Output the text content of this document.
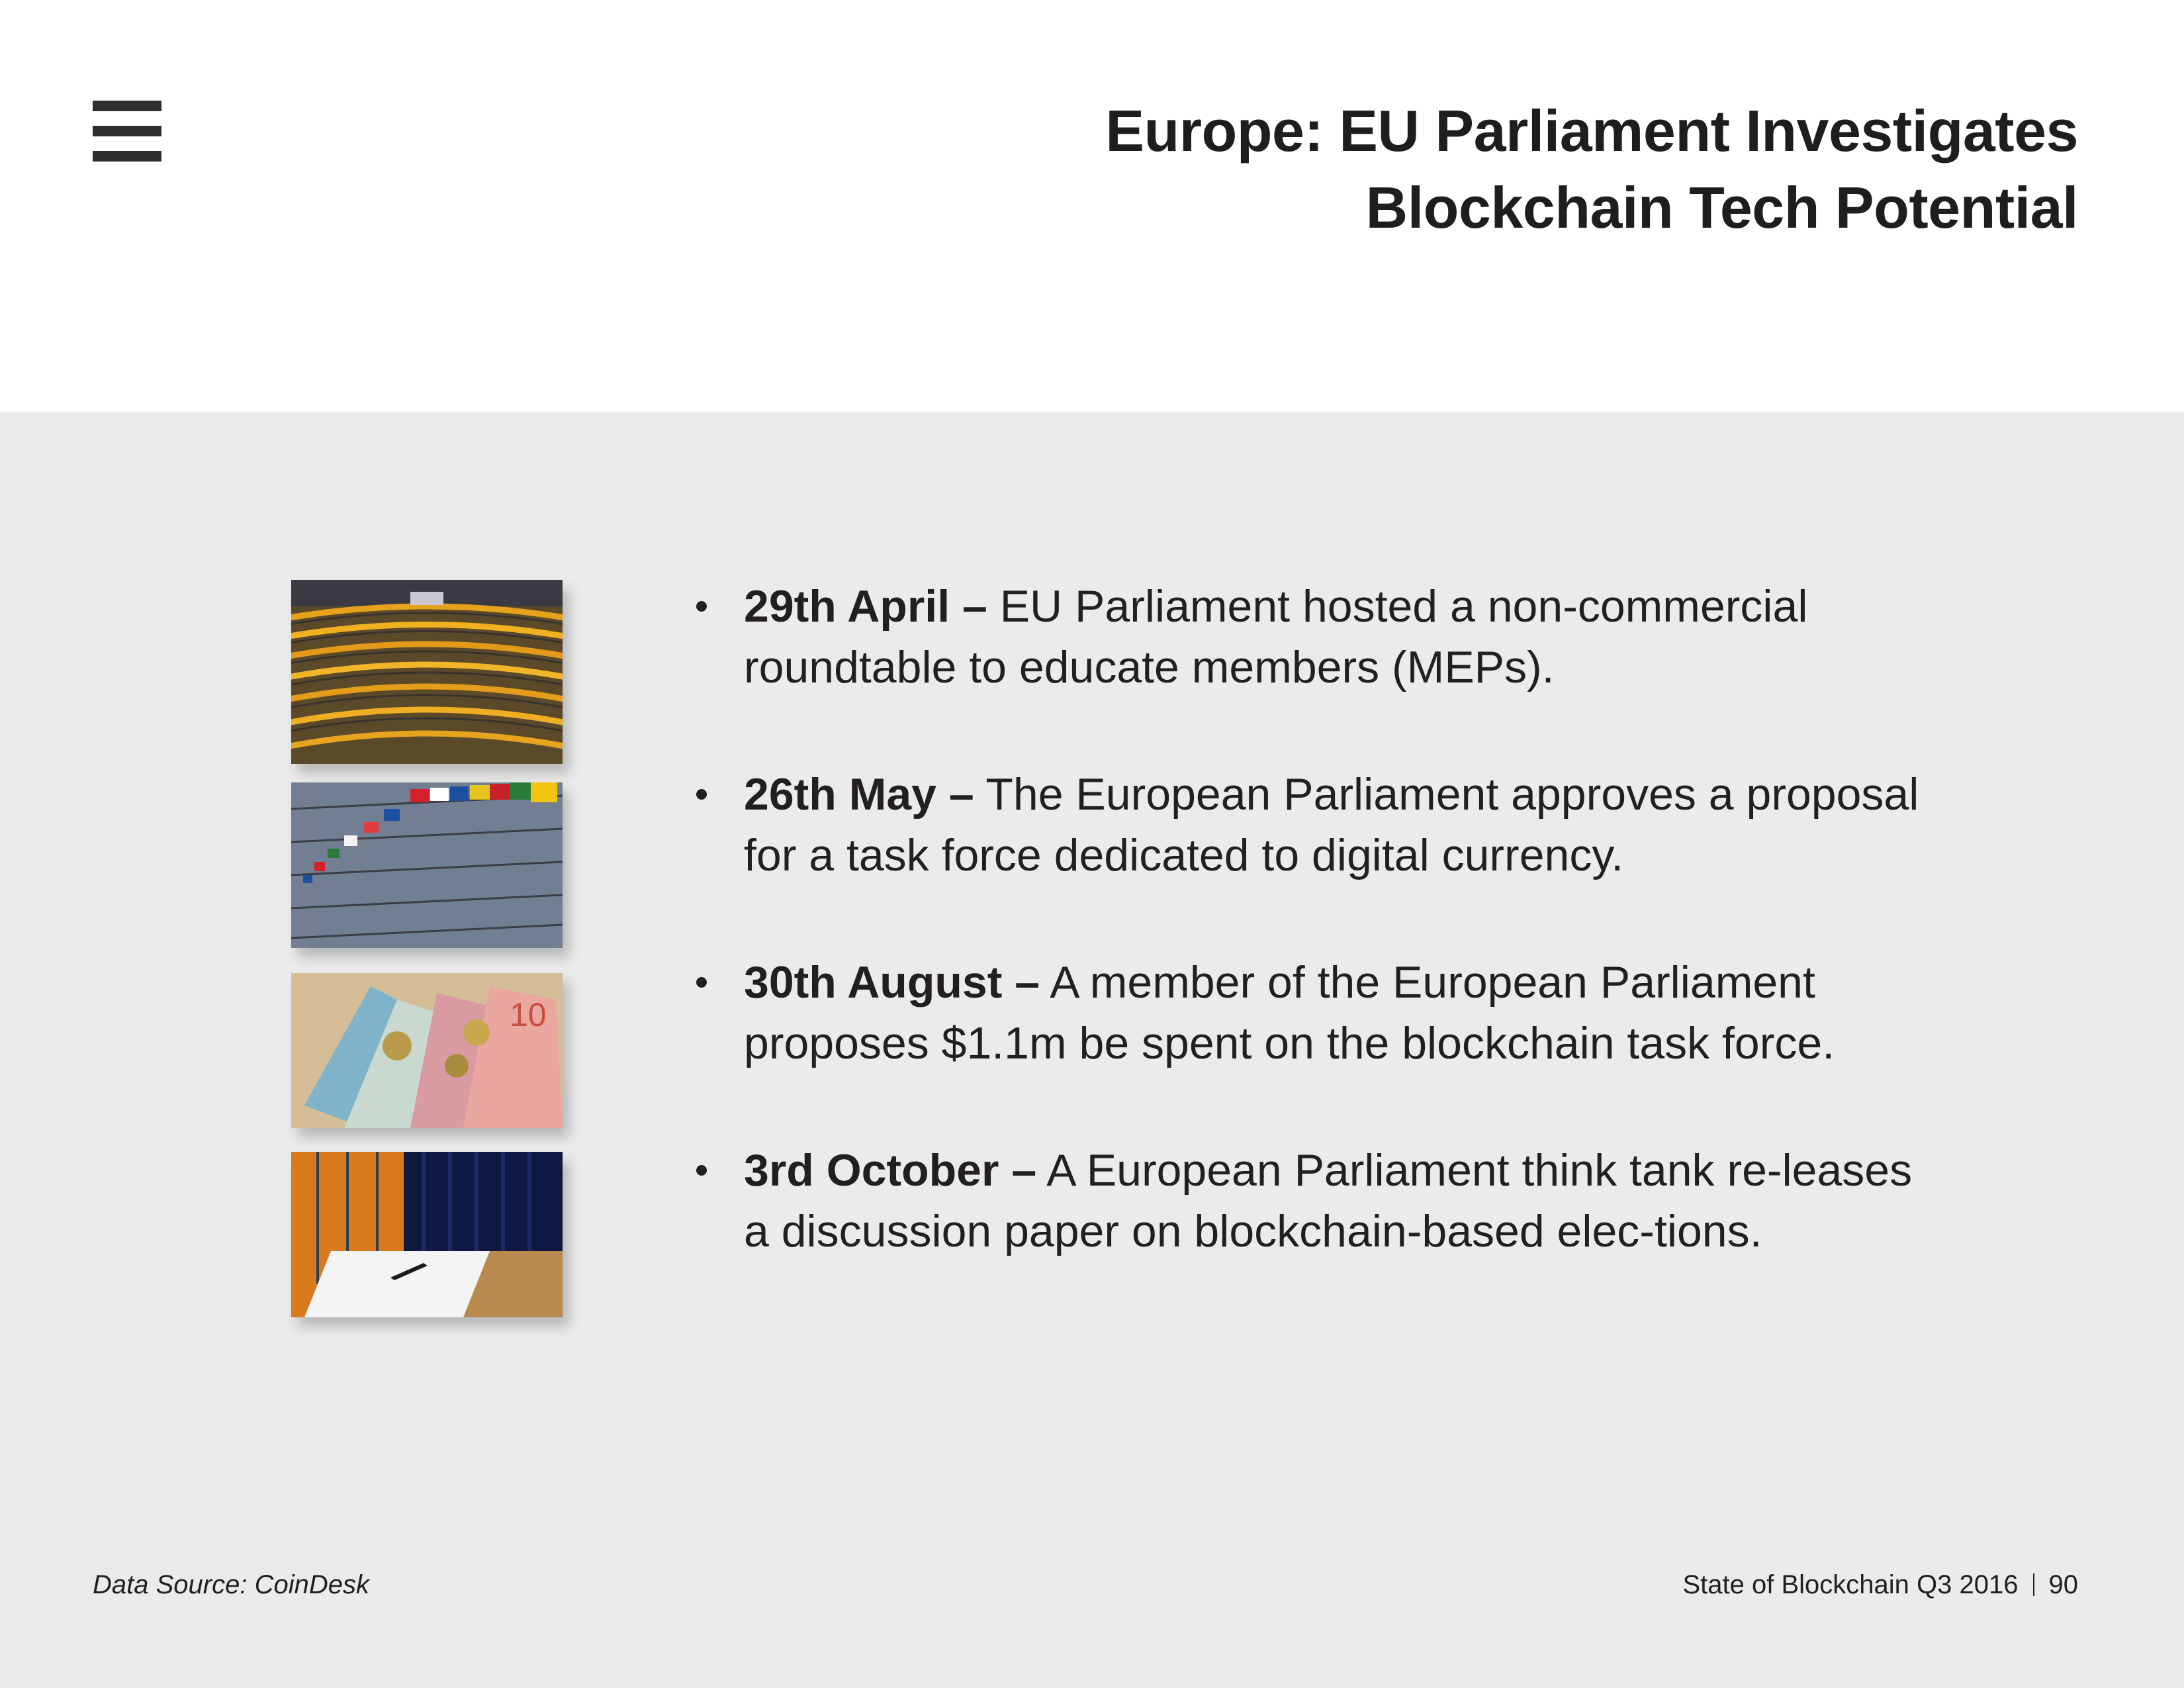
Europe: EU Parliament Investigates
Blockchain Tech Potential
10
29th April – EU Parliament hosted a non-commercial roundtable to educate members (MEPs).
26th May – The European Parliament approves a proposal for a task force dedicated to digital currency.
30th August – A member of the European Parliament proposes $1.1m be spent on the blockchain task force.
3rd October – A European Parliament think tank re-leases a discussion paper on blockchain-based elec-tions.
Data Source: CoinDesk	State of Blockchain Q3 2016 90
